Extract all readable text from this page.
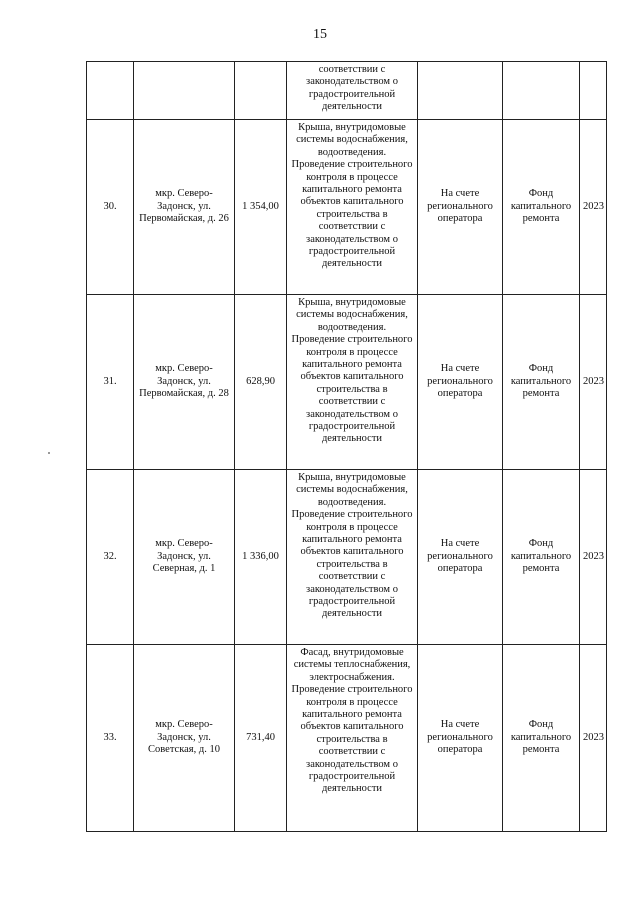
15
			соответствии с законодательством о градостроительной деятельности			
30.	мкр. Северо-Задонск, ул. Первомайская, д. 26	1 354,00	Крыша, внутридомовые системы водоснабжения, водоотведения. Проведение строительного контроля в процессе капитального ремонта объектов капитального строительства в соответствии с законодательством о градостроительной деятельности	На счете регионального оператора	Фонд капитального ремонта	2023
31.	мкр. Северо-Задонск, ул. Первомайская, д. 28	628,90	Крыша, внутридомовые системы водоснабжения, водоотведения. Проведение строительного контроля в процессе капитального ремонта объектов капитального строительства в соответствии с законодательством о градостроительной деятельности	На счете регионального оператора	Фонд капитального ремонта	2023
32.	мкр. Северо-Задонск, ул. Северная, д. 1	1 336,00	Крыша, внутридомовые системы водоснабжения, водоотведения. Проведение строительного контроля в процессе капитального ремонта объектов капитального строительства в соответствии с законодательством о градостроительной деятельности	На счете регионального оператора	Фонд капитального ремонта	2023
33.	мкр. Северо-Задонск, ул. Советская, д. 10	731,40	Фасад, внутридомовые системы теплоснабжения, электроснабжения. Проведение строительного контроля в процессе капитального ремонта объектов капитального строительства в соответствии с законодательством о градостроительной деятельности	На счете регионального оператора	Фонд капитального ремонта	2023
